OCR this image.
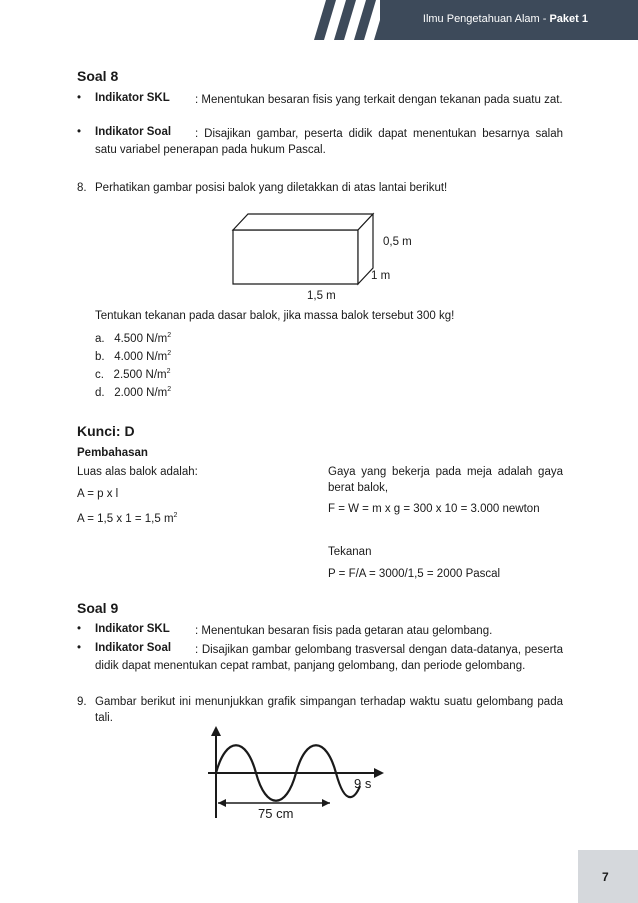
Ilmu Pengetahuan Alam - Paket 1
Soal 8
• Indikator SKL	: Menentukan besaran fisis yang terkait dengan tekanan pada suatu zat.
• Indikator Soal	: Disajikan gambar, peserta didik dapat menentukan besarnya salah satu variabel penerapan pada hukum Pascal.
8. Perhatikan gambar posisi balok yang diletakkan di atas lantai berikut!
0,5 m
1 m
1,5 m
Tentukan tekanan pada dasar balok, jika massa balok tersebut 300 kg!
a. 4.500 $N/m^2$
b. 4.000 $N/m^2$
c. 2.500 $N/m^2$
d. 2.000 $N/m^2$
Kunci: D
Pembahasan
Luas alas balok adalah:
A = p x l
A = 1,5 x 1 = 1,5 $m^2$
Gaya yang bekerja pada meja adalah gaya berat balok,
F = W = m x g = 300 x 10 = 3.000 newton
Tekanan
P = F/A = 3000/1,5 = 2000 Pascal
Soal 9
• Indikator SKL	: Menentukan besaran fisis pada getaran atau gelombang.
• Indikator Soal	: Disajikan gambar gelombang trasversal dengan data-datanya, peserta didik dapat menentukan cepat rambat, panjang gelombang, dan periode gelombang.
9. Gambar berikut ini menunjukkan grafik simpangan terhadap waktu suatu gelombang pada tali.
9 s
75 cm
7
